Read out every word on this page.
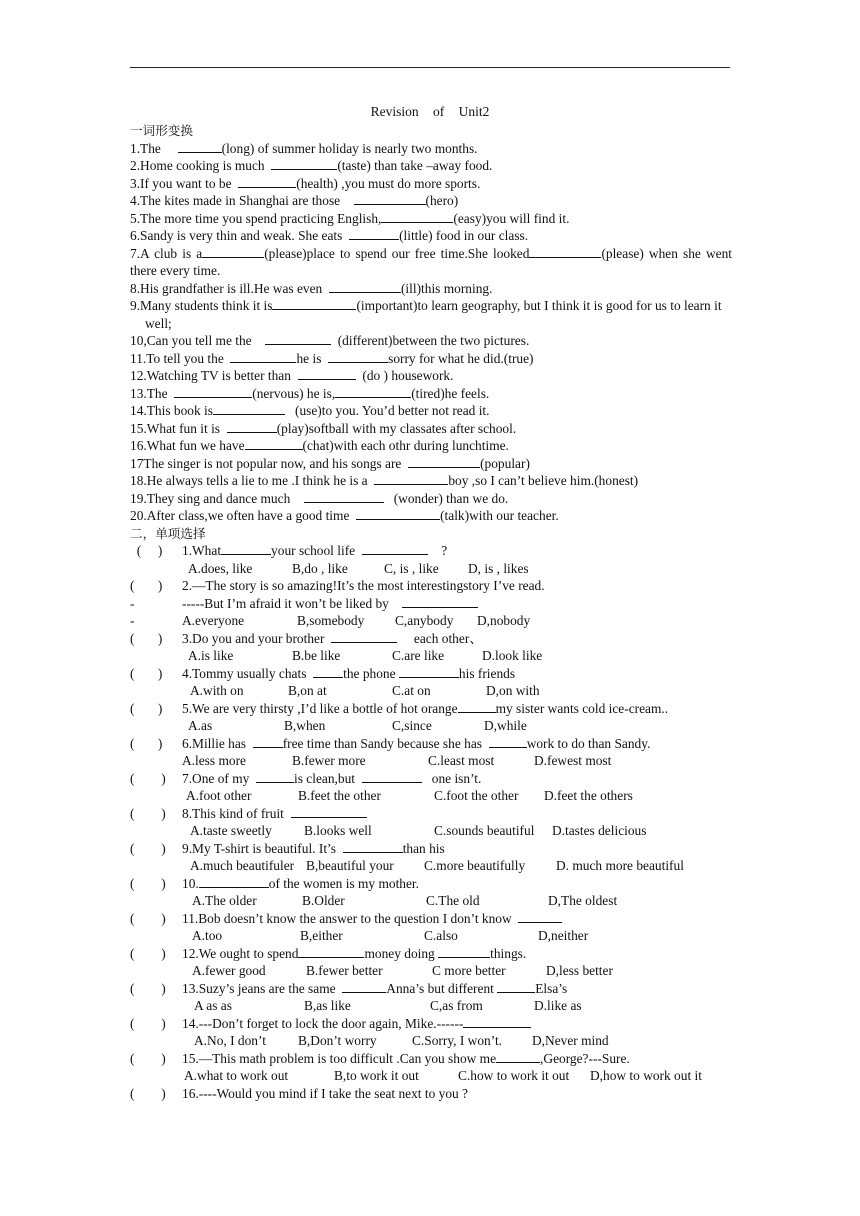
Revision of Unit2
一词形变换
1.The	(long) of summer holiday is nearly two months.
2.Home cooking is much	(taste) than take –away food.
3.If you want to be	(health) ,you must do more sports.
4.The kites made in Shanghai are those	(hero)
5.The more time you spend practicing English,	(easy)you will find it.
6.Sandy is very thin and weak. She eats	(little) food in our class.
7.A club is a	(please)place to spend our free time.She looked	(please) when she went there every time.
8.His grandfather is ill.He was even	(ill)this morning.
9.Many students think it is	(important)to learn geography, but I think it is good for us to learn it well;
10,Can you tell me the	(different)between the two pictures.
11.To tell you the	he is	sorry for what he did.(true)
12.Watching TV is better than	(do ) housework.
13.The	(nervous) he is,	(tired)he feels.
14.This book is	(use)to you. You’d better not read it.
15.What fun it is	(play)softball with my classates after school.
16.What fun we have	(chat)with each othr during lunchtime.
17The singer is not popular now, and his songs are	(popular)
18.He always tells a lie to me .I think he is a	boy ,so I can’t believe him.(honest)
19.They sing and dance much	(wonder) than we do.
20.After class,we often have a good time	(talk)with our teacher.
二，单项选择
( ) 1.What	your school life	?
A.does, like	B,do , like	C, is , like D, is , likes
( ) 2.—The story is so amazing!It’s the most interestingstory I’ve read.
-	-----But I’m afraid it won’t be liked by
-	A.everyone	B,somebody C,anybody D,nobody
( ) 3.Do you and your brother	each other、
A.is like	B.be like	C.are like	D.look like
( ) 4.Tommy usually chats	the phone	his friends
A.with on	B,on at	C.at on	D,on with
( ) 5.We are very thirsty ,I’d like a bottle of hot orange	my sister wants cold ice-cream..
A.as	B,when	C,since	D,while
( ) 6.Millie has	free time than Sandy because she has	work to do than Sandy.
A.less more	B.fewer more	C.least most	D.fewest most
( ) 7.One of my	is clean,but	one isn’t.
A.foot other	B.feet the other	C.foot the other D.feet the others
( ) 8.This kind of fruit
A.taste sweetly B.looks well	C.sounds beautiful D.tastes delicious
( ) 9.My T-shirt is beautiful. It’s	than his
A.much beautifuler B,beautiful your C.more beautifully D. much more beautiful
( ) 10.	of the women is my mother.
A.The older	B.Older	C.The old	D,The oldest
( ) 11.Bob doesn’t know the answer to the question I don’t know
A.too	B,either	C.also	D,neither
( ) 12.We ought to spend	money doing	things.
A.fewer good	B.fewer better	C more better	D,less better
( ) 13.Suzy’s jeans are the same	Anna’s but different	Elsa’s
A as as	B,as like	C,as from	D.like as
( ) 14.---Don’t forget to lock the door again, Mike.------
A.No, I don’t B,Don’t worry	C.Sorry, I won’t. D,Never mind
( ) 15.—This math problem is too difficult .Can you show me	,George?---Sure.
A.what to work out	B,to work it out	C.how to work it out D,how to work out it
( ) 16.----Would you mind if I take the seat next to you ?
